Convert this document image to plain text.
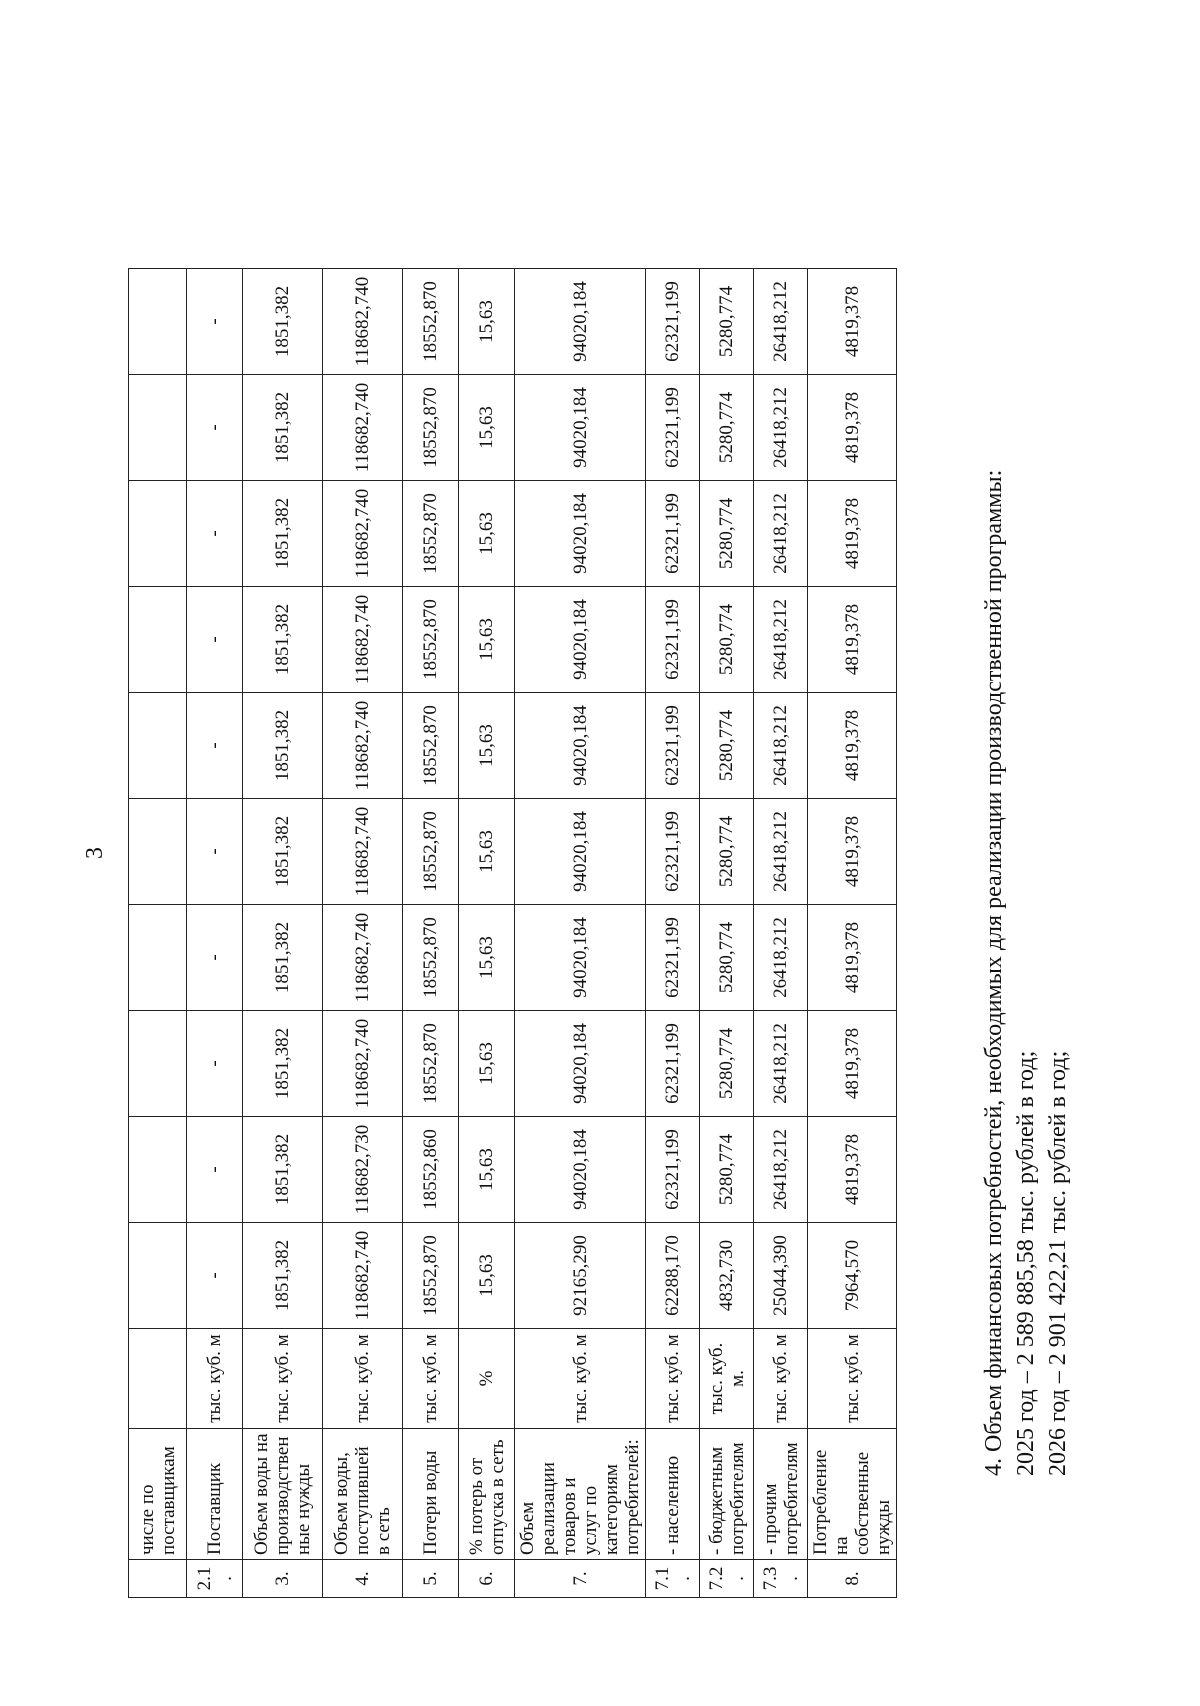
3
	числе по поставщикам											
2.1 .	Поставщик	тыс. куб. м	-	-	-	-	-	-	-	-	-	-
3.	Объем воды на производственные нужды	тыс. куб. м	1851,382	1851,382	1851,382	1851,382	1851,382	1851,382	1851,382	1851,382	1851,382	1851,382
4.	Объем воды, поступившей в сеть	тыс. куб. м	118682,740	118682,730	118682,740	118682,740	118682,740	118682,740	118682,740	118682,740	118682,740	118682,740
5.	Потери воды	тыс. куб. м	18552,870	18552,860	18552,870	18552,870	18552,870	18552,870	18552,870	18552,870	18552,870	18552,870
6.	% потерь от отпуска в сеть	%	15,63	15,63	15,63	15,63	15,63	15,63	15,63	15,63	15,63	15,63
7.	Объем реализации товаров и услуг по категориям потребителей:	тыс. куб. м	92165,290	94020,184	94020,184	94020,184	94020,184	94020,184	94020,184	94020,184	94020,184	94020,184
7.1 .	- населению	тыс. куб. м	62288,170	62321,199	62321,199	62321,199	62321,199	62321,199	62321,199	62321,199	62321,199	62321,199
7.2 .	- бюджетным потребителям	тыс. куб. м.	4832,730	5280,774	5280,774	5280,774	5280,774	5280,774	5280,774	5280,774	5280,774	5280,774
7.3 .	- прочим потребителям	тыс. куб. м	25044,390	26418,212	26418,212	26418,212	26418,212	26418,212	26418,212	26418,212	26418,212	26418,212
8.	Потребление на собственные нужды	тыс. куб. м	7964,570	4819,378	4819,378	4819,378	4819,378	4819,378	4819,378	4819,378	4819,378	4819,378
4. Объем финансовых потребностей, необходимых для реализации производственной программы: 2025 год – 2 589 885,58 тыс. рублей в год; 2026 год – 2 901 422,21 тыс. рублей в год;
